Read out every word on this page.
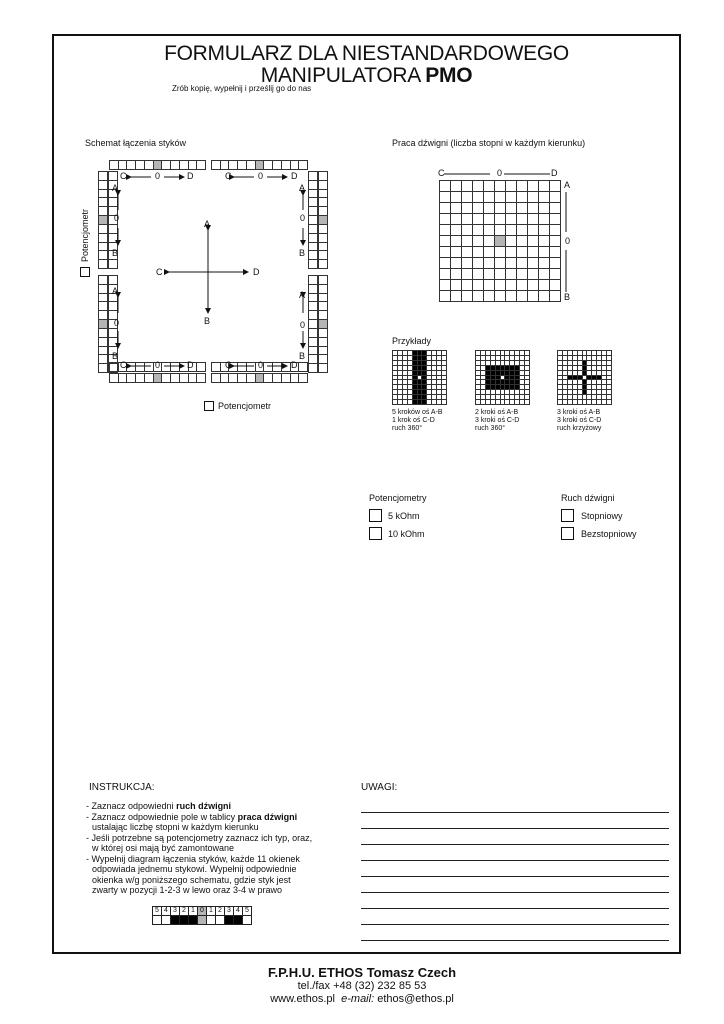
FORMULARZ DLA NIESTANDARDOWEGO
MANIPULATORA PMO
Zrób kopię, wypełnij i prześlij go do nas
Schemat łączenia styków
C	0	D	C	0	D
C	0	D	C	0	D
A
0
B
A
0
B
A
0
B
A
0
B
A
B
C	D
Potencjometr
Potencjometr
Praca dźwigni (liczba stopni w każdym kierunku)
C	0	D
A
0
B
Przykłady
5 kroków oś A-B
1 krok oś C-D
ruch 360°
2 kroki oś A-B
3 kroki oś C-D
ruch 360°
3 kroki oś A-B
3 kroki oś C-D
ruch krzyżowy
Potencjometry
5 kOhm
10 kOhm
Ruch dźwigni
Stopniowy
Bezstopniowy
INSTRUKCJA:
- Zaznacz odpowiedni ruch dźwigni
- Zaznacz odpowiednie pole w tablicy praca dźwigni
ustalając liczbę stopni w każdym kierunku
- Jeśli potrzebne są potencjometry zaznacz ich typ, oraz,
w której osi mają być zamontowane
- Wypełnij diagram łączenia styków, każde 11 okienek
odpowiada jednemu stykowi. Wypełnij odpowiednie
okienka w/g poniższego schematu, gdzie styk jest
zwarty w pozycji 1-2-3 w lewo oraz 3-4 w prawo
5 4 3 2 1 0 1 2 3 4 5
UWAGI:
F.P.H.U. ETHOS Tomasz Czech
tel./fax +48 (32) 232 85 53
www.ethos.pl e-mail: ethos@ethos.pl
